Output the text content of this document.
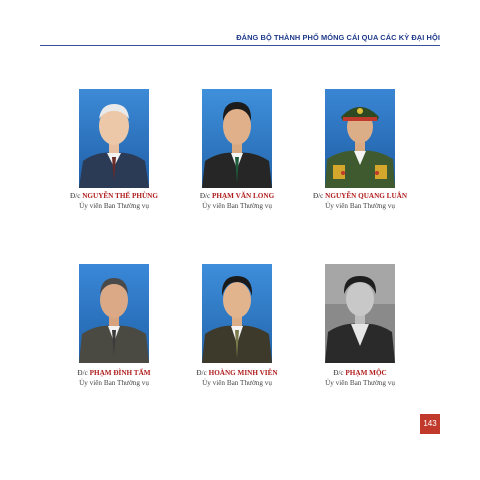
ĐẢNG BỘ THÀNH PHỐ MÓNG CÁI QUA CÁC KỲ ĐẠI HỘI
Đ/c NGUYỄN THẾ PHÙNG
Ủy viên Ban Thường vụ
Đ/c PHẠM VĂN LONG
Ủy viên Ban Thường vụ
Đ/c NGUYỄN QUANG LUÂN
Ủy viên Ban Thường vụ
Đ/c PHẠM ĐÌNH TẤM
Ủy viên Ban Thường vụ
Đ/c HOÀNG MINH VIÊN
Ủy viên Ban Thường vụ
Đ/c PHẠM MỘC
Ủy viên Ban Thường vụ
143
